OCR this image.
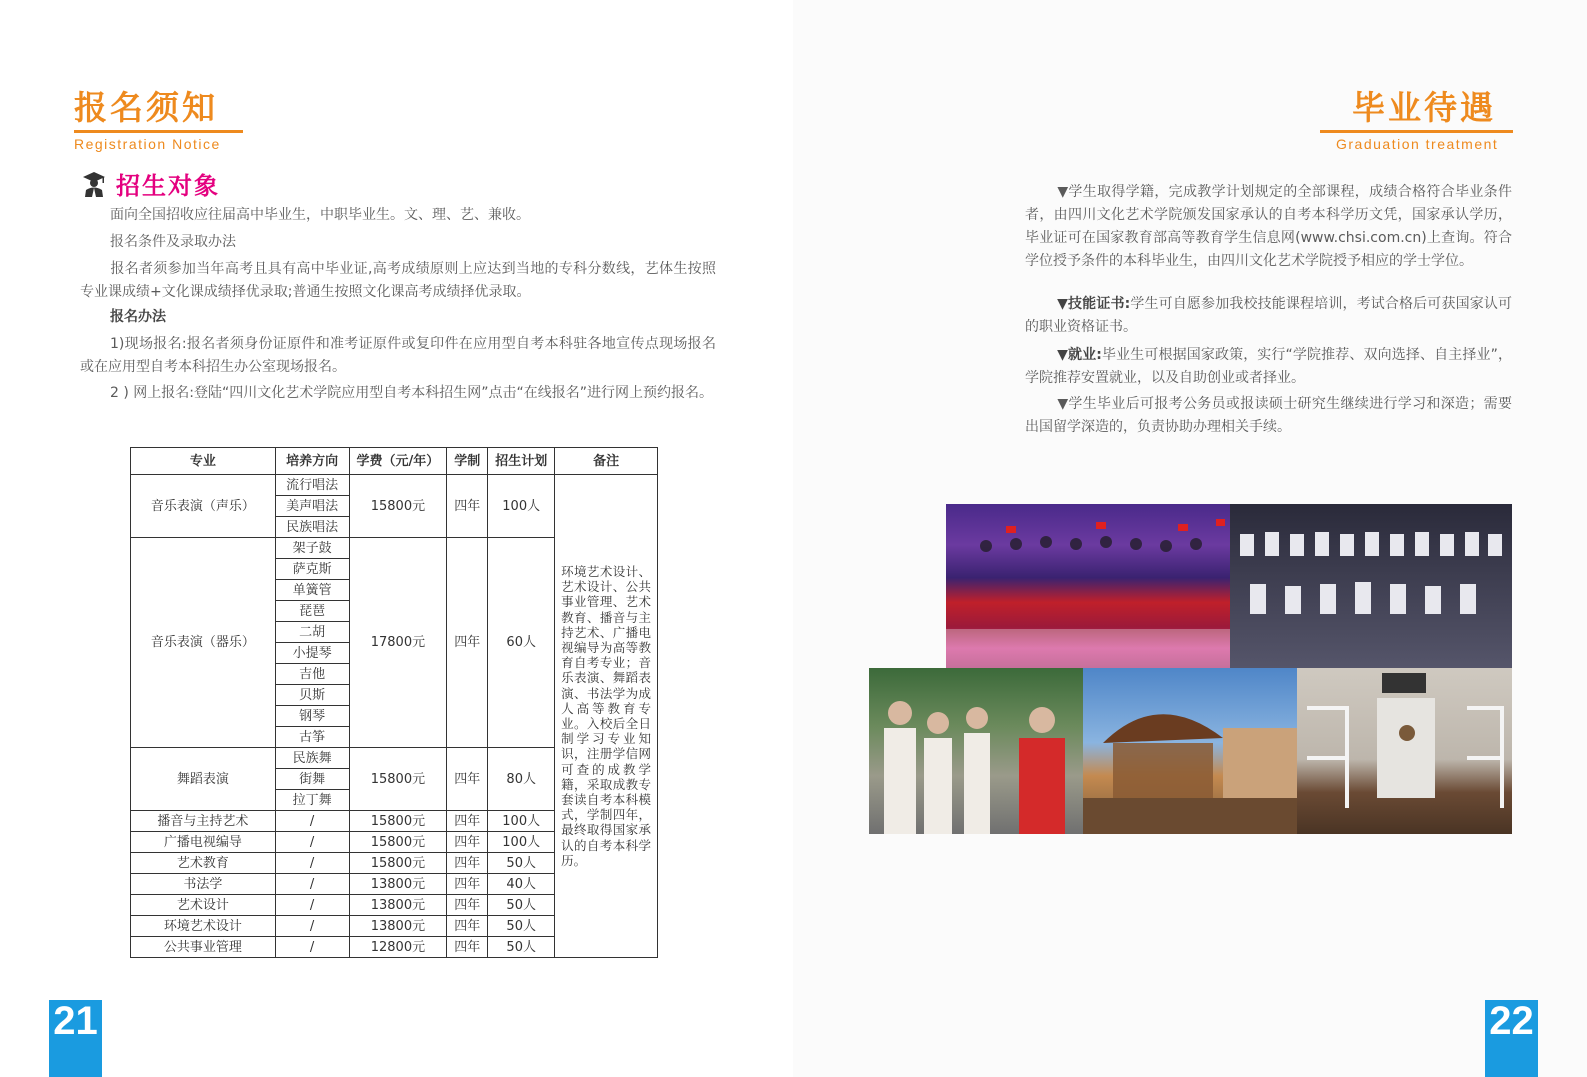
报名须知
Registration Notice
招生对象
面向全国招收应往届高中毕业生，中职毕业生。文、理、艺、兼收。
报名条件及录取办法
报名者须参加当年高考且具有高中毕业证,高考成绩原则上应达到当地的专科分数线，艺体生按照专业课成绩+文化课成绩择优录取;普通生按照文化课高考成绩择优录取。
报名办法
1)现场报名:报名者须身份证原件和准考证原件或复印件在应用型自考本科驻各地宣传点现场报名或在应用型自考本科招生办公室现场报名。
2 ) 网上报名:登陆“四川文化艺术学院应用型自考本科招生网”点击“在线报名”进行网上预约报名。
专业	培养方向	学费（元/年）	学制	招生计划	备注
音乐表演（声乐）	流行唱法	15800元	四年	100人	环境艺术设计、艺术设计、公共事业管理、艺术教育、播音与主持艺术、广播电视编导为高等教育自考专业；音乐表演、舞蹈表演、书法学为成人高等教育专业。入校后全日制学习专业知识，注册学信网可查的成教学籍，采取成教专套读自考本科模式，学制四年，最终取得国家承认的自考本科学历。
	美声唱法				
	民族唱法				
音乐表演（器乐）	架子鼓	17800元	四年	60人	
	萨克斯				
	单簧管				
	琵琶				
	二胡				
	小提琴				
	吉他				
	贝斯				
	钢琴				
	古筝				
舞蹈表演	民族舞	15800元	四年	80人	
	街舞				
	拉丁舞				
播音与主持艺术	/	15800元	四年	100人	
广播电视编导	/	15800元	四年	100人	
艺术教育	/	15800元	四年	50人	
书法学	/	13800元	四年	40人	
艺术设计	/	13800元	四年	50人	
环境艺术设计	/	13800元	四年	50人	
公共事业管理	/	12800元	四年	50人	
21
毕业待遇
Graduation treatment
▼学生取得学籍，完成教学计划规定的全部课程，成绩合格符合毕业条件者，由四川文化艺术学院颁发国家承认的自考本科学历文凭，国家承认学历，毕业证可在国家教育部高等教育学生信息网(www.chsi.com.cn)上查询。符合学位授予条件的本科毕业生，由四川文化艺术学院授予相应的学士学位。
▼技能证书:学生可自愿参加我校技能课程培训，考试合格后可获国家认可的职业资格证书。
▼就业:毕业生可根据国家政策，实行“学院推荐、双向选择、自主择业”，学院推荐安置就业，以及自助创业或者择业。
▼学生毕业后可报考公务员或报读硕士研究生继续进行学习和深造；需要出国留学深造的，负责协助办理相关手续。
22
